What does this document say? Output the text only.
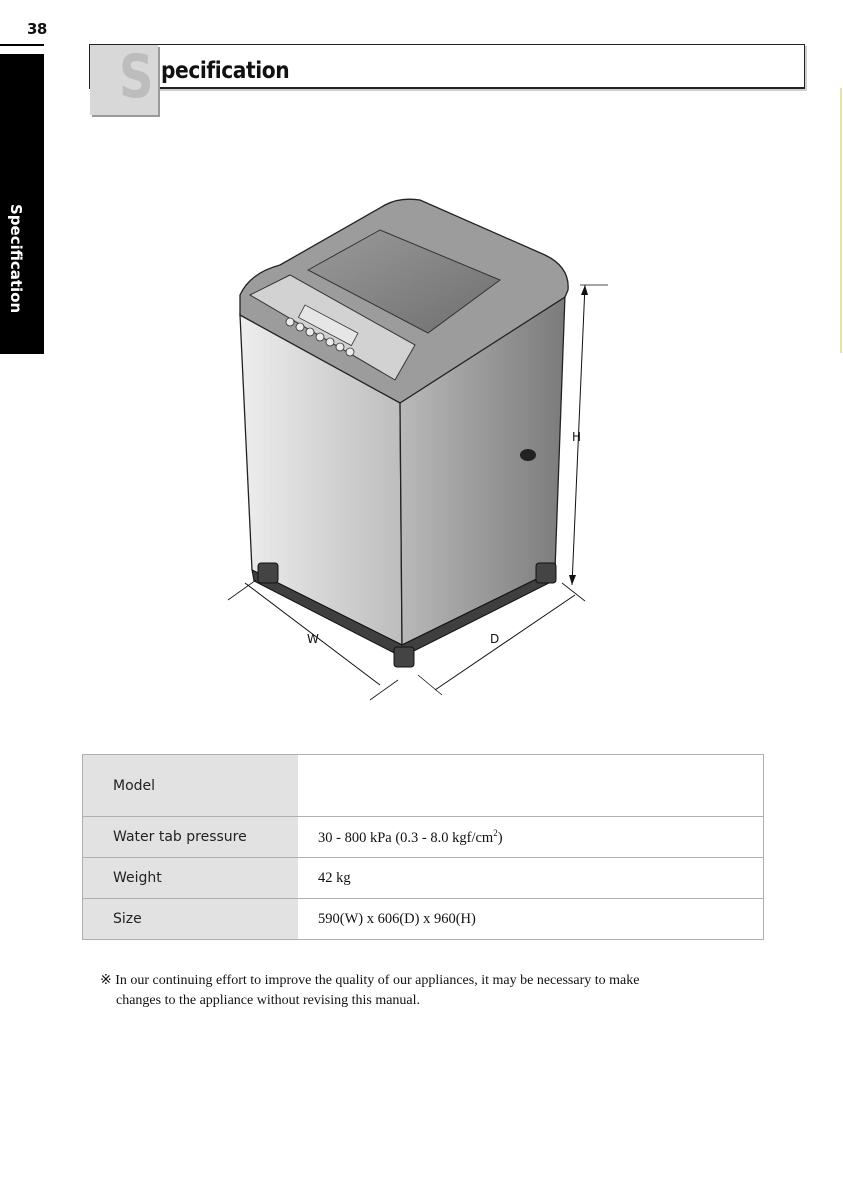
38
Specification
S pecification
H
W	D
Model	
Water tab pressure	30 - 800 kPa (0.3 - 8.0 kgf/$cm^2$)
Weight	42 kg
Size	590(W) x 606(D) x 960(H)
※ In our continuing effort to improve the quality of our appliances, it may be necessary to make
changes to the appliance without revising this manual.
